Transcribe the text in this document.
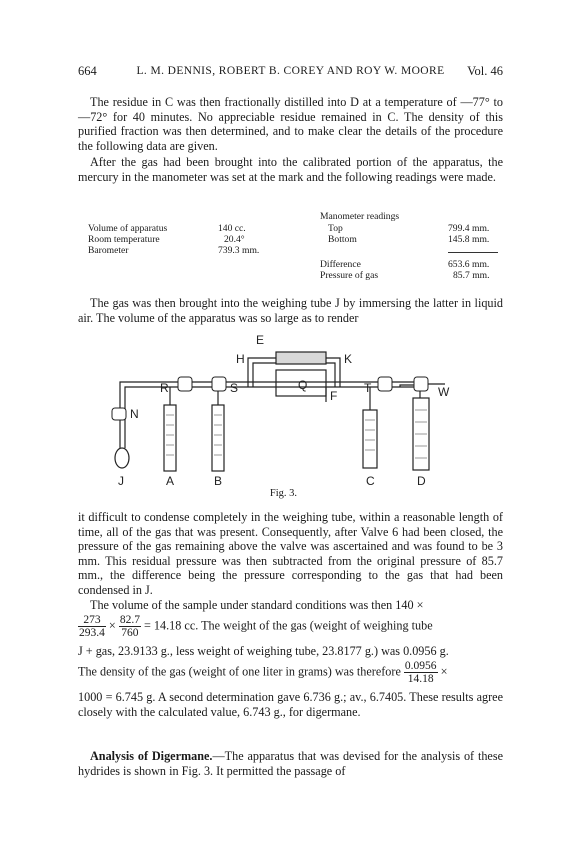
664	L. M. DENNIS, ROBERT B. COREY AND ROY W. MOORE	Vol. 46

The residue in C was then fractionally distilled into D at a temperature of —77° to —72° for 40 minutes. No appreciable residue remained in C. The density of this purified fraction was then determined, and to make clear the details of the procedure the following data are given.

After the gas had been brought into the calibrated portion of the apparatus, the mercury in the manometer was set at the mark and the following readings were made.

Manometer readings
Volume of apparatus	140 cc.
Room temperature	20.4°
Barometer	739.3 mm.
Top	799.4 mm.
Bottom	145.8 mm.
Difference	653.6 mm.
Pressure of gas	85.7 mm.

The gas was then brought into the weighing tube J by immersing the latter in liquid air. The volume of the apparatus was so large as to render

E
H	K
R	S	Q
F
T	W
N
J	A	B	C	D
Fig. 3.

it difficult to condense completely in the weighing tube, within a reasonable length of time, all of the gas that was present. Consequently, after Valve 6 had been closed, the pressure of the gas remaining above the valve was ascertained and was found to be 3 mm. This residual pressure was then subtracted from the original pressure of 85.7 mm., the difference being the pressure corresponding to the gas that had been condensed in J.

The volume of the sample under standard conditions was then 140 ×
$\frac{273}{293.4} \times \frac{82.7}{760} = 14.18$ cc. The weight of the gas (weight of weighing tube
J + gas, 23.9133 g., less weight of weighing tube, 23.8177 g.) was 0.0956 g.
The density of the gas (weight of one liter in grams) was therefore $\frac{0.0956}{14.18}$ ×

1000 = 6.745 g. A second determination gave 6.736 g.; av., 6.7405. These results agree closely with the calculated value, 6.743 g., for digermane.

Analysis of Digermane.—The apparatus that was devised for the analysis of these hydrides is shown in Fig. 3. It permitted the passage of
